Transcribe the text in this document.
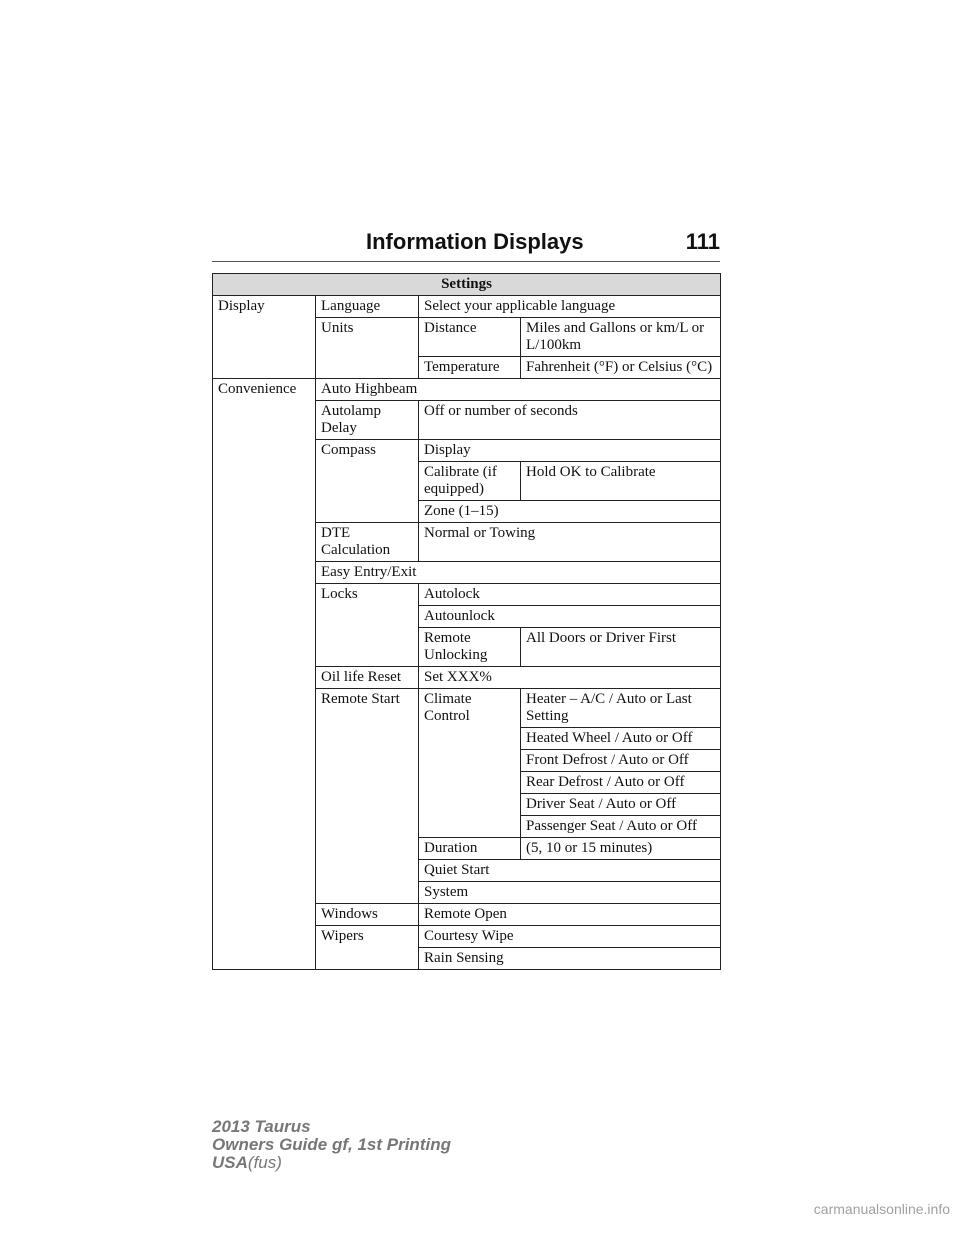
Information Displays	111
Settings			
Display	Language	Select your applicable language	
	Units	Distance	Miles and Gallons or km/L or L/100km
		Temperature	Fahrenheit (°F) or Celsius (°C)
Convenience	Auto Highbeam		
	Autolamp Delay	Off or number of seconds	
	Compass	Display	
		Calibrate (if equipped)	Hold OK to Calibrate
		Zone (1–15)	
	DTE Calculation	Normal or Towing	
	Easy Entry/Exit		
	Locks	Autolock	
		Autounlock	
		Remote Unlocking	All Doors or Driver First
	Oil life Reset	Set XXX%	
	Remote Start	Climate Control	Heater – A/C / Auto or Last Setting
			Heated Wheel / Auto or Off
			Front Defrost / Auto or Off
			Rear Defrost / Auto or Off
			Driver Seat / Auto or Off
			Passenger Seat / Auto or Off
		Duration	(5, 10 or 15 minutes)
		Quiet Start	
		System	
	Windows	Remote Open	
	Wipers	Courtesy Wipe	
		Rain Sensing	
2013 Taurus
Owners Guide gf, 1st Printing
USA(fus)
carmanualsonline.info
